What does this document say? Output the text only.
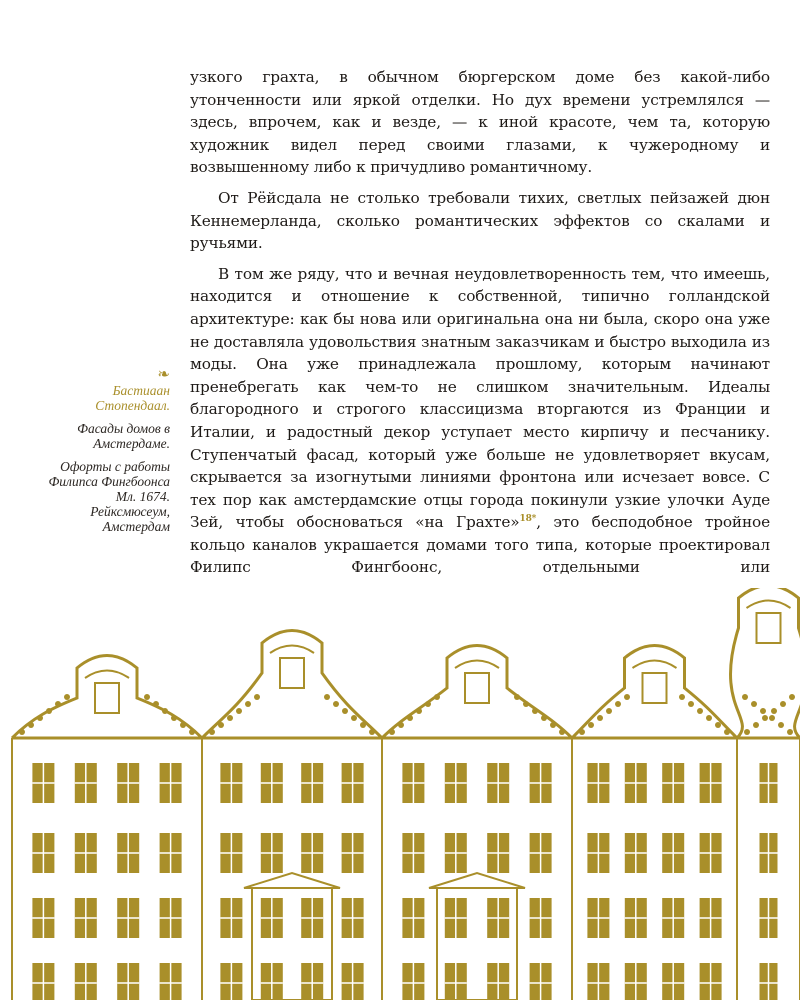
❧

Бастиаан Стопендаал.

Фасады домов в Амстердаме.

Офорты с работы Филипса Фингбоонса Мл. 1674. Рейксмюсеум, Амстердам

узкого грахта, в обычном бюргерском доме без какой-либо утонченности или яркой отделки. Но дух времени устремлялся — здесь, впрочем, как и везде, — к иной красоте, чем та, которую художник видел перед своими глазами, к чужеродному и возвышенному либо к причудливо романтичному.

От Рёйсдала не столько требовали тихих, светлых пейзажей дюн Кеннемерланда, сколько романтических эффектов со скалами и ручьями.

В том же ряду, что и вечная неудовлетворенность тем, что имеешь, находится и отношение к собственной, типично голландской архитектуре: как бы нова или оригинальна она ни была, скоро она уже не доставляла удовольствия знатным заказчикам и быстро выходила из моды. Она уже принадлежала прошлому, которым начинают пренебрегать как чем-то не слишком значительным. Идеалы благородного и строгого классицизма вторгаются из Франции и Италии, и радостный декор уступает место кирпичу и песчанику. Ступенчатый фасад, который уже больше не удовлетворяет вкусам, скрывается за изогнутыми линиями фронтона или исчезает вовсе. С тех пор как амстердамские отцы города покинули узкие улочки Ауде Зей, чтобы обосноваться «на Грахте»$^{18*}$, это бесподобное тройное кольцо каналов украшается домами того типа, которые проектировал Филипс Фингбоонс, отдельными или
